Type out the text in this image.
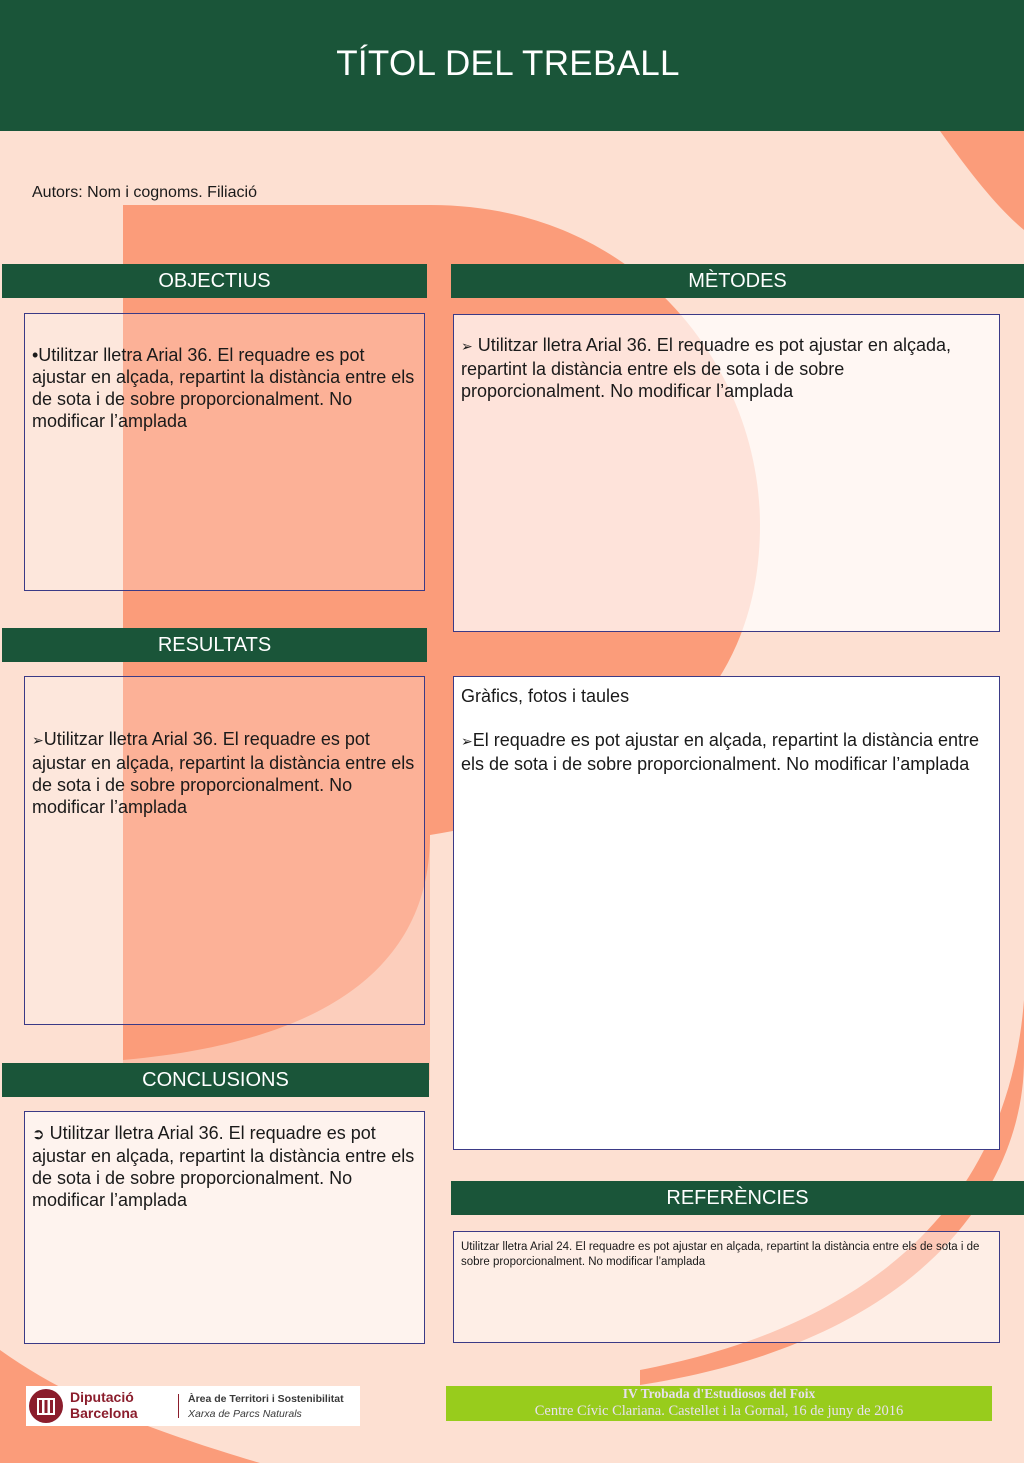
TÍTOL DEL TREBALL
Autors: Nom i cognoms. Filiació
OBJECTIUS
•Utilitzar lletra Arial 36. El requadre es pot ajustar en alçada, repartint la distància entre els de sota i de sobre proporcionalment. No modificar l’amplada
MÈTODES
➢ Utilitzar lletra Arial 36. El requadre es pot ajustar en alçada, repartint la distància entre els de sota i de sobre proporcionalment. No modificar l’amplada
RESULTATS
➢Utilitzar lletra Arial 36. El requadre es pot ajustar en alçada, repartint la distància entre els de sota i de sobre proporcionalment. No modificar l’amplada
Gràfics, fotos i taules
➢El requadre es pot ajustar en alçada, repartint la distància entre els de sota i de sobre proporcionalment. No modificar l’amplada
CONCLUSIONS
➲ Utilitzar lletra Arial 36. El requadre es pot ajustar en alçada, repartint la distància entre els de sota i de sobre proporcionalment. No modificar l’amplada	REFERÈNCIES
Utilitzar lletra Arial 24. El requadre es pot ajustar en alçada, repartint la distància entre els de sota i de sobre proporcionalment. No modificar l’amplada
Diputació
Barcelona
Àrea de Territori i Sostenibilitat
Xarxa de Parcs Naturals
IV Trobada d'Estudiosos del Foix
Centre Cívic Clariana. Castellet i la Gornal, 16 de juny de 2016
